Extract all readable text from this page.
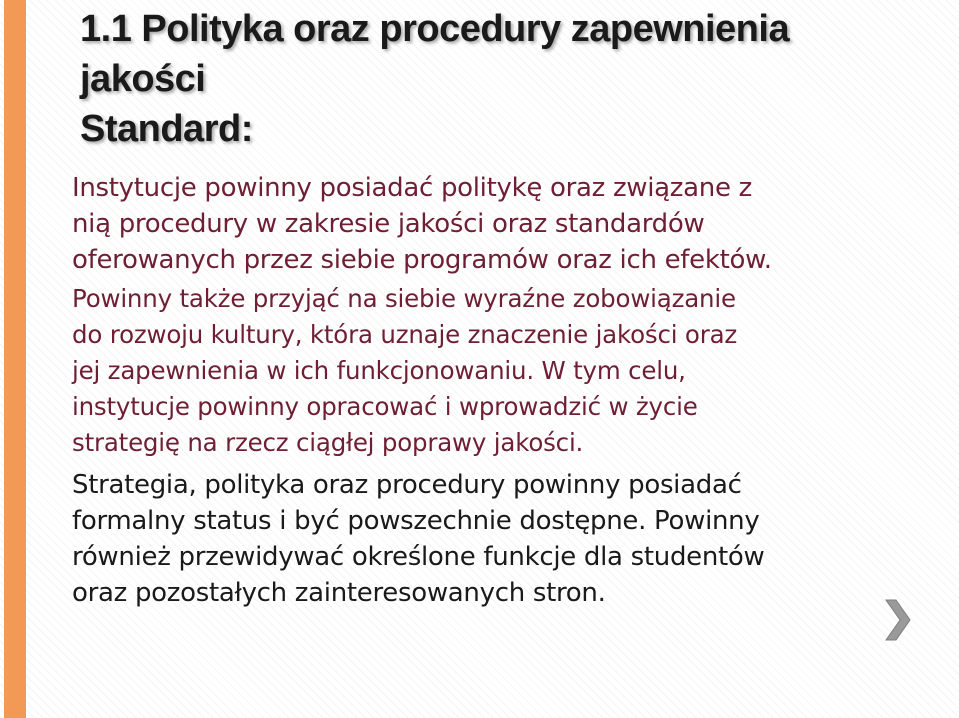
1.1 Polityka oraz procedury zapewnienia jakości
Standard:
Instytucje powinny posiadać politykę oraz związane z
nią procedury w zakresie jakości oraz standardów
oferowanych przez siebie programów oraz ich efektów.
Powinny także przyjąć na siebie wyraźne zobowiązanie
do rozwoju kultury, która uznaje znaczenie jakości oraz
jej zapewnienia w ich funkcjonowaniu. W tym celu,
instytucje powinny opracować i wprowadzić w życie
strategię na rzecz ciągłej poprawy jakości.
Strategia, polityka oraz procedury powinny posiadać
formalny status i być powszechnie dostępne. Powinny
również przewidywać określone funkcje dla studentów
oraz pozostałych zainteresowanych stron.
